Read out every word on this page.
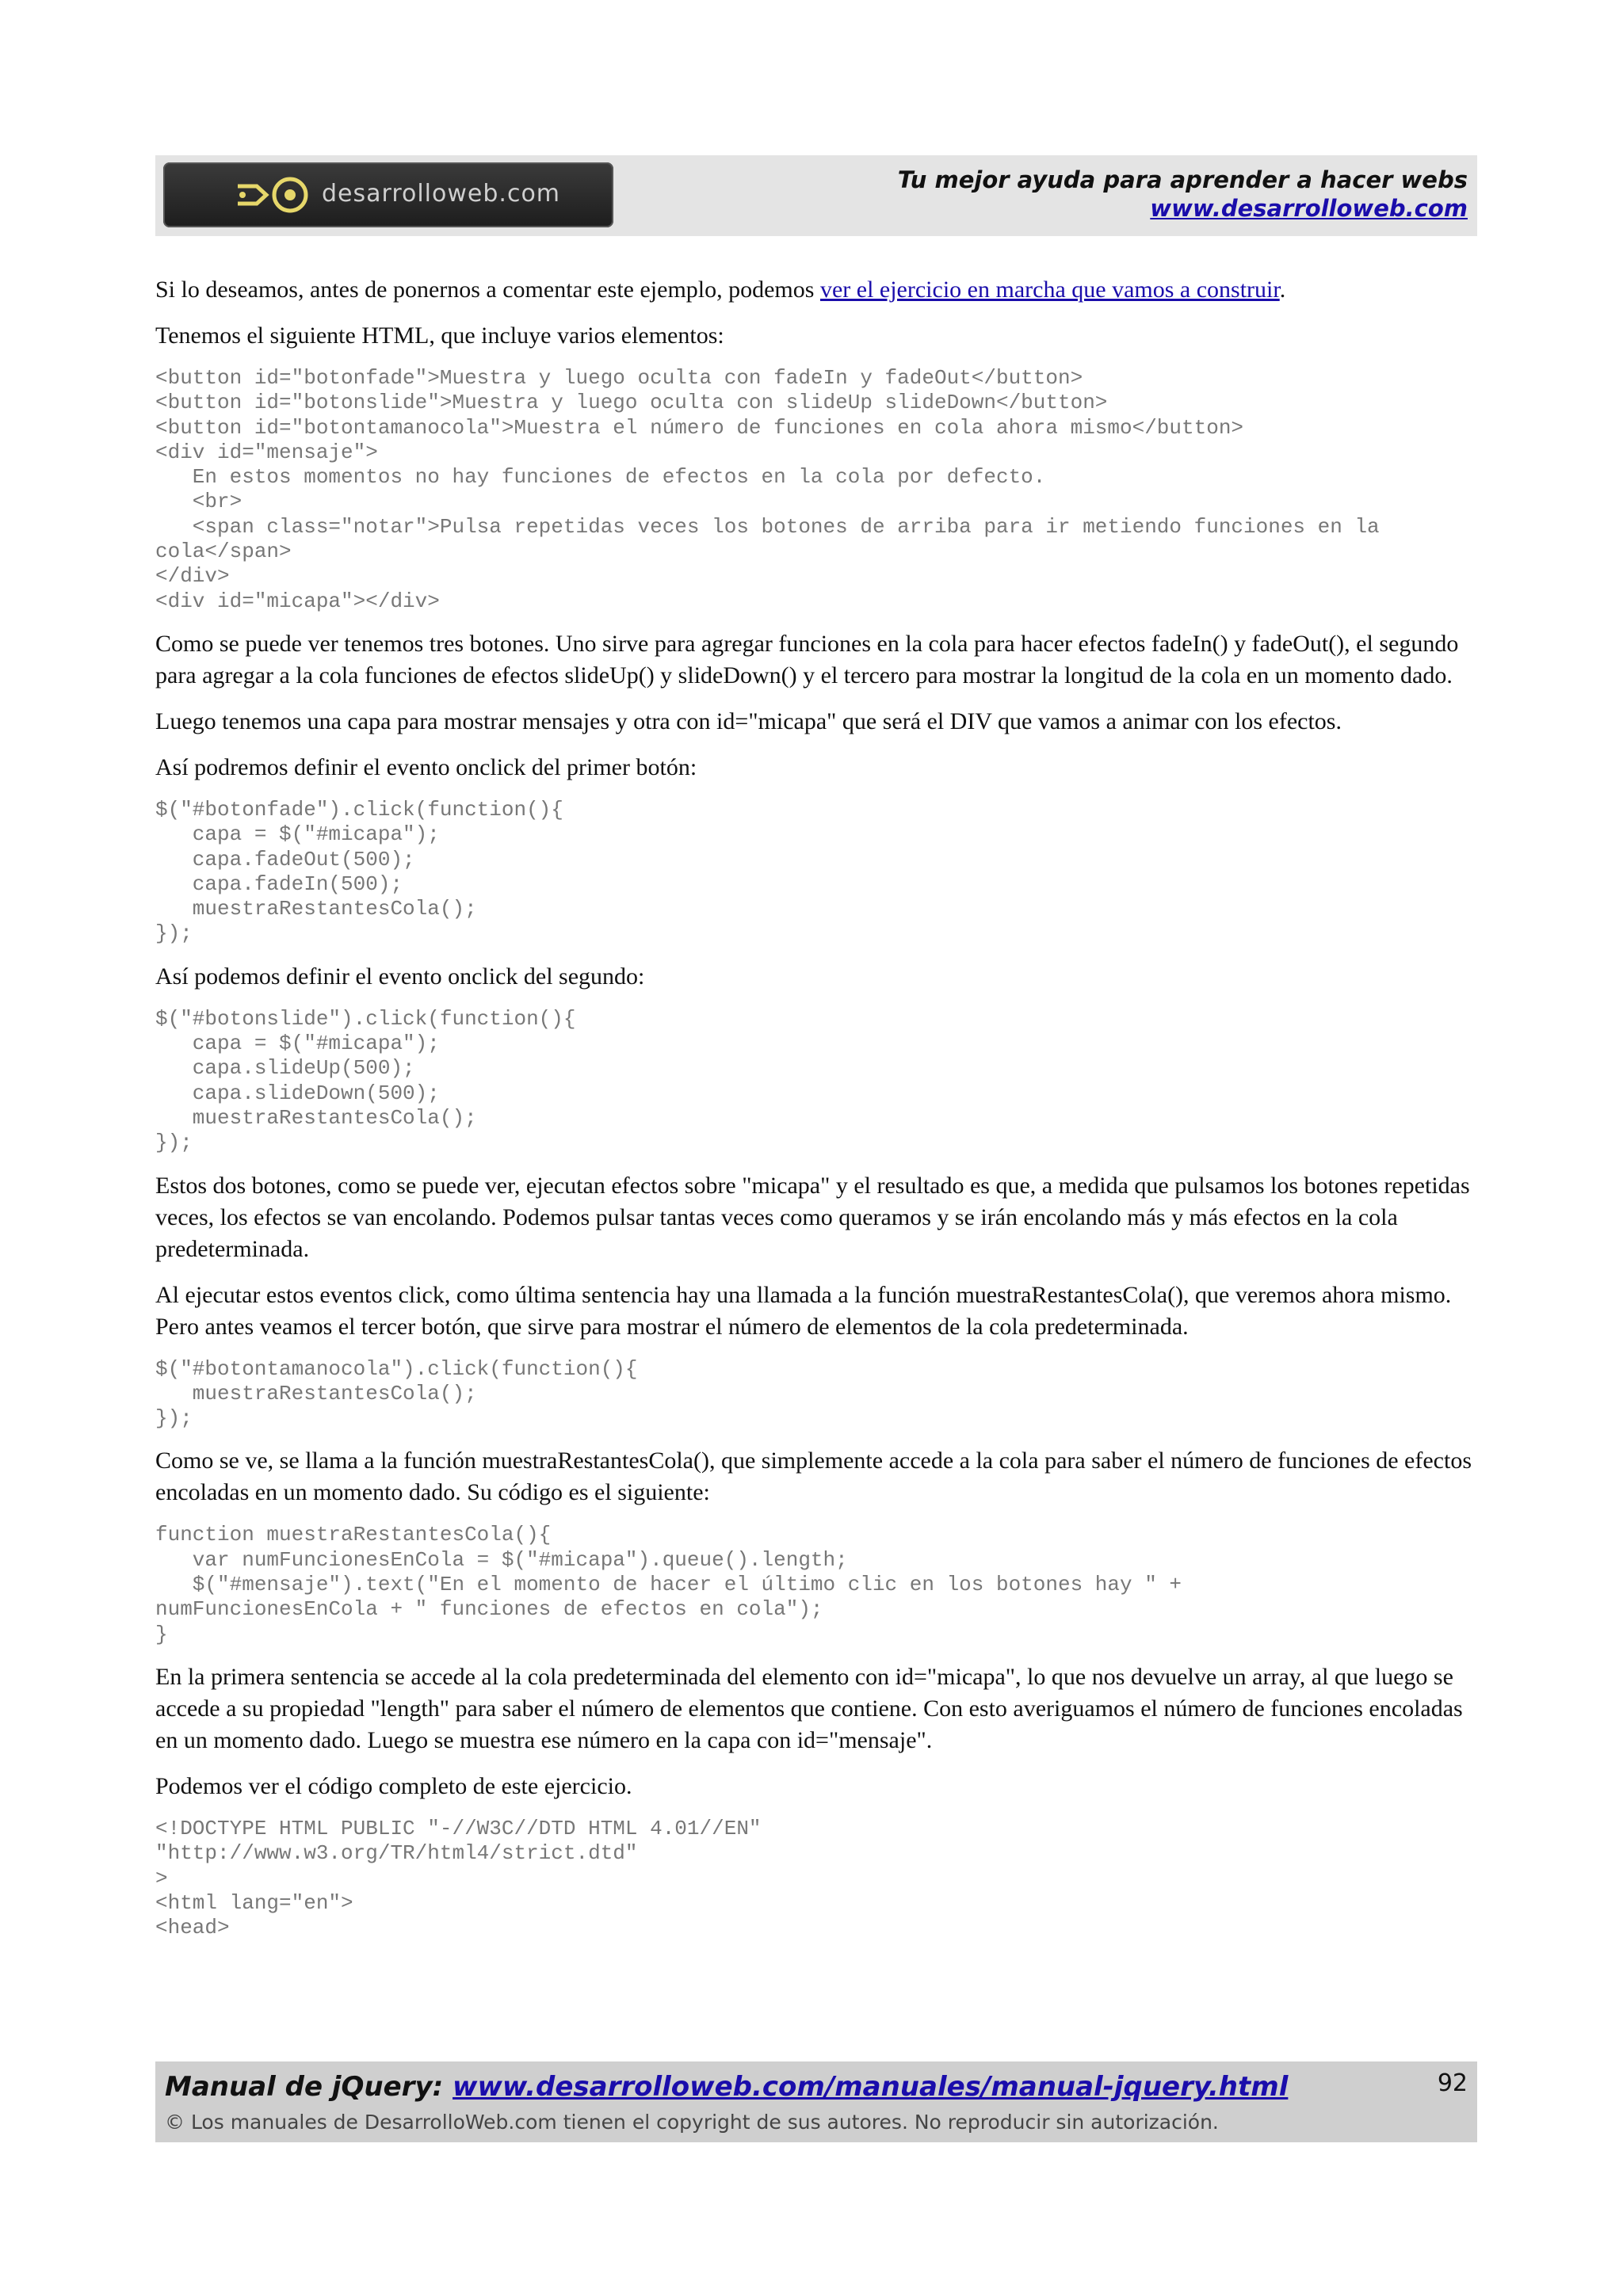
desarrolloweb.com	Tu mejor ayuda para aprender a hacer webs
www.desarrolloweb.com

Si lo deseamos, antes de ponernos a comentar este ejemplo, podemos ver el ejercicio en marcha que vamos a construir.

Tenemos el siguiente HTML, que incluye varios elementos:

<button id="botonfade">Muestra y luego oculta con fadeIn y fadeOut</button>
<button id="botonslide">Muestra y luego oculta con slideUp slideDown</button>
<button id="botontamanocola">Muestra el número de funciones en cola ahora mismo</button>
<div id="mensaje">
En estos momentos no hay funciones de efectos en la cola por defecto.
<br>
<span class="notar">Pulsa repetidas veces los botones de arriba para ir metiendo funciones en la
cola</span>
</div>
<div id="micapa"></div>

Como se puede ver tenemos tres botones. Uno sirve para agregar funciones en la cola para hacer efectos fadeIn() y fadeOut(), el segundo para agregar a la cola funciones de efectos slideUp() y slideDown() y el tercero para mostrar la longitud de la cola en un momento dado.

Luego tenemos una capa para mostrar mensajes y otra con id="micapa" que será el DIV que vamos a animar con los efectos.

Así podremos definir el evento onclick del primer botón:

$("#botonfade").click(function(){
capa = $("#micapa");
capa.fadeOut(500);
capa.fadeIn(500);
muestraRestantesCola();
});

Así podemos definir el evento onclick del segundo:

$("#botonslide").click(function(){
capa = $("#micapa");
capa.slideUp(500);
capa.slideDown(500);
muestraRestantesCola();
});

Estos dos botones, como se puede ver, ejecutan efectos sobre "micapa" y el resultado es que, a medida que pulsamos los botones repetidas veces, los efectos se van encolando. Podemos pulsar tantas veces como queramos y se irán encolando más y más efectos en la cola predeterminada.

Al ejecutar estos eventos click, como última sentencia hay una llamada a la función muestraRestantesCola(), que veremos ahora mismo. Pero antes veamos el tercer botón, que sirve para mostrar el número de elementos de la cola predeterminada.

$("#botontamanocola").click(function(){
muestraRestantesCola();
});

Como se ve, se llama a la función muestraRestantesCola(), que simplemente accede a la cola para saber el número de funciones de efectos encoladas en un momento dado. Su código es el siguiente:

function muestraRestantesCola(){
var numFuncionesEnCola = $("#micapa").queue().length;
$("#mensaje").text("En el momento de hacer el último clic en los botones hay " +
numFuncionesEnCola + " funciones de efectos en cola");
}

En la primera sentencia se accede al la cola predeterminada del elemento con id="micapa", lo que nos devuelve un array, al que luego se accede a su propiedad "length" para saber el número de elementos que contiene. Con esto averiguamos el número de funciones encoladas en un momento dado. Luego se muestra ese número en la capa con id="mensaje".

Podemos ver el código completo de este ejercicio.

<!DOCTYPE HTML PUBLIC "-//W3C//DTD HTML 4.01//EN"
"http://www.w3.org/TR/html4/strict.dtd"
>
<html lang="en">
<head>
Manual de jQuery: www.desarrolloweb.com/manuales/manual-jquery.html	92
© Los manuales de DesarrolloWeb.com tienen el copyright de sus autores. No reproducir sin autorización.
